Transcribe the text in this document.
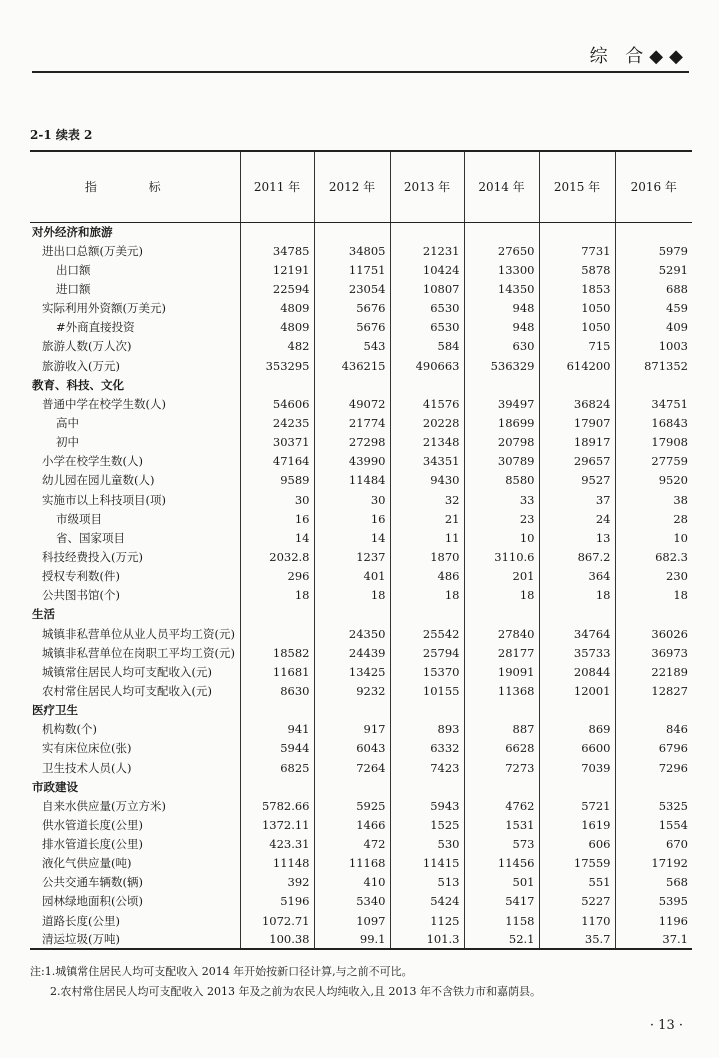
综 合◆◆
2-1 续表 2
指 标	2011 年	2012 年	2013 年	2014 年	2015 年	2016 年
对外经济和旅游						
进出口总额(万美元)	34785	34805	21231	27650	7731	5979
出口额	12191	11751	10424	13300	5878	5291
进口额	22594	23054	10807	14350	1853	688
实际利用外资额(万美元)	4809	5676	6530	948	1050	459
#外商直接投资	4809	5676	6530	948	1050	409
旅游人数(万人次)	482	543	584	630	715	1003
旅游收入(万元)	353295	436215	490663	536329	614200	871352
教育、科技、文化						
普通中学在校学生数(人)	54606	49072	41576	39497	36824	34751
高中	24235	21774	20228	18699	17907	16843
初中	30371	27298	21348	20798	18917	17908
小学在校学生数(人)	47164	43990	34351	30789	29657	27759
幼儿园在园儿童数(人)	9589	11484	9430	8580	9527	9520
实施市以上科技项目(项)	30	30	32	33	37	38
市级项目	16	16	21	23	24	28
省、国家项目	14	14	11	10	13	10
科技经费投入(万元)	2032.8	1237	1870	3110.6	867.2	682.3
授权专利数(件)	296	401	486	201	364	230
公共图书馆(个)	18	18	18	18	18	18
生活						
城镇非私营单位从业人员平均工资(元)		24350	25542	27840	34764	36026
城镇非私营单位在岗职工平均工资(元)	18582	24439	25794	28177	35733	36973
城镇常住居民人均可支配收入(元)	11681	13425	15370	19091	20844	22189
农村常住居民人均可支配收入(元)	8630	9232	10155	11368	12001	12827
医疗卫生						
机构数(个)	941	917	893	887	869	846
实有床位床位(张)	5944	6043	6332	6628	6600	6796
卫生技术人员(人)	6825	7264	7423	7273	7039	7296
市政建设						
自来水供应量(万立方米)	5782.66	5925	5943	4762	5721	5325
供水管道长度(公里)	1372.11	1466	1525	1531	1619	1554
排水管道长度(公里)	423.31	472	530	573	606	670
液化气供应量(吨)	11148	11168	11415	11456	17559	17192
公共交通车辆数(辆)	392	410	513	501	551	568
园林绿地面积(公顷)	5196	5340	5424	5417	5227	5395
道路长度(公里)	1072.71	1097	1125	1158	1170	1196
清运垃圾(万吨)	100.38	99.1	101.3	52.1	35.7	37.1
注:1.城镇常住居民人均可支配收入 2014 年开始按新口径计算,与之前不可比。
2.农村常住居民人均可支配收入 2013 年及之前为农民人均纯收入,且 2013 年不含铁力市和嘉荫县。
· 13 ·
